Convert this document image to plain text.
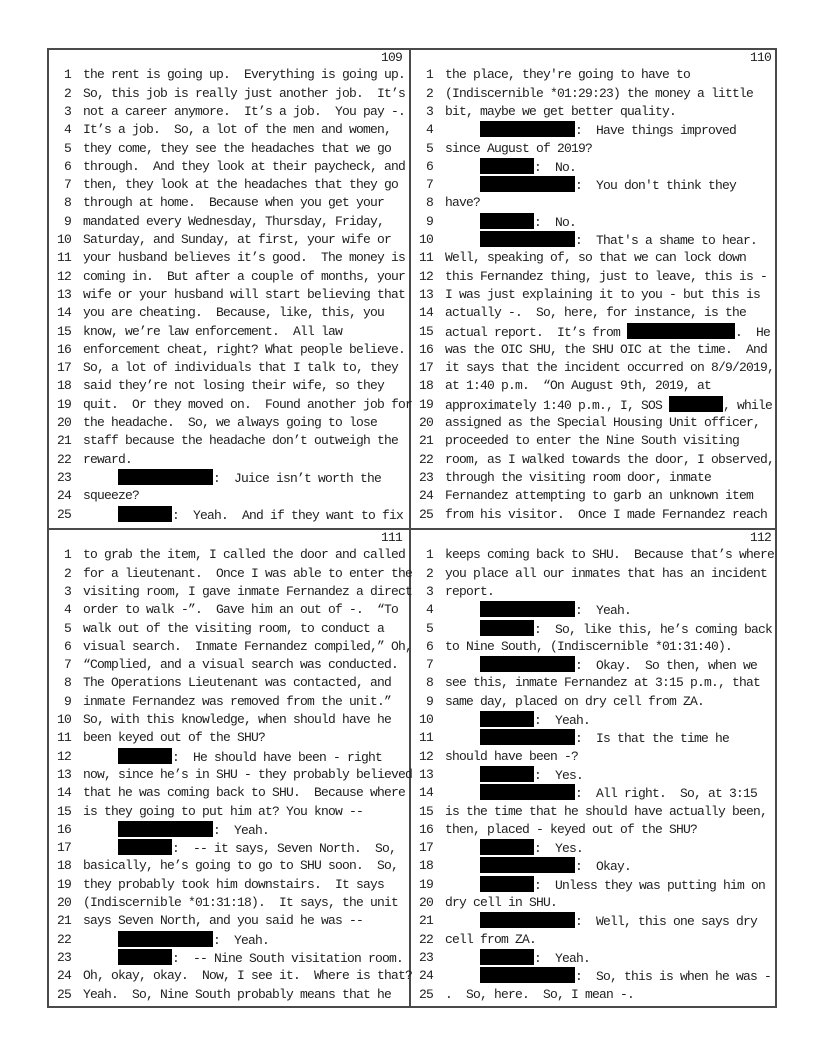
109
1 the rent is going up.  Everything is going up.
2 So, this job is really just another job.  It’s
3 not a career anymore.  It’s a job.  You pay -.
4 It’s a job.  So, a lot of the men and women,
5 they come, they see the headaches that we go
6 through.  And they look at their paycheck, and
7 then, they look at the headaches that they go
8 through at home.  Because when you get your
9 mandated every Wednesday, Thursday, Friday,
10 Saturday, and Sunday, at first, your wife or
11 your husband believes it’s good.  The money is
12 coming in.  But after a couple of months, your
13 wife or your husband will start believing that
14 you are cheating.  Because, like, this, you
15 know, we’re law enforcement.  All law
16 enforcement cheat, right? What people believe.
17 So, a lot of individuals that I talk to, they
18 said they’re not losing their wife, so they
19 quit.  Or they moved on.  Found another job for
20 the headache.  So, we always going to lose
21 staff because the headache don’t outweigh the
22 reward.
23	:  Juice isn’t worth the
24 squeeze?
25	:  Yeah.  And if they want to fix
110
1 the place, they're going to have to
2 (Indiscernible *01:29:23) the money a little
3 bit, maybe we get better quality.
4	:  Have things improved
5 since August of 2019?
6	:  No.
7	:  You don't think they
8 have?
9	:  No.
10	:  That's a shame to hear.
11 Well, speaking of, so that we can lock down
12 this Fernandez thing, just to leave, this is -
13 I was just explaining it to you - but this is
14 actually -.  So, here, for instance, is the
15 actual report.  It’s from	.  He
16 was the OIC SHU, the SHU OIC at the time.  And
17 it says that the incident occurred on 8/9/2019,
18 at 1:40 p.m.  “On August 9th, 2019, at
19 approximately 1:40 p.m., I, SOS	, while
20 assigned as the Special Housing Unit officer,
21 proceeded to enter the Nine South visiting
22 room, as I walked towards the door, I observed,
23 through the visiting room door, inmate
24 Fernandez attempting to garb an unknown item
25 from his visitor.  Once I made Fernandez reach
111
1 to grab the item, I called the door and called
2 for a lieutenant.  Once I was able to enter the
3 visiting room, I gave inmate Fernandez a direct
4 order to walk -”.  Gave him an out of -.  “To
5 walk out of the visiting room, to conduct a
6 visual search.  Inmate Fernandez compiled,” Oh,
7 “Complied, and a visual search was conducted.
8 The Operations Lieutenant was contacted, and
9 inmate Fernandez was removed from the unit.”
10 So, with this knowledge, when should have he
11 been keyed out of the SHU?
12	:  He should have been - right
13 now, since he’s in SHU - they probably believed
14 that he was coming back to SHU.  Because where
15 is they going to put him at? You know --
16	:  Yeah.
17	:  -- it says, Seven North.  So,
18 basically, he’s going to go to SHU soon.  So,
19 they probably took him downstairs.  It says
20 (Indiscernible *01:31:18).  It says, the unit
21 says Seven North, and you said he was --
22	:  Yeah.
23	:  -- Nine South visitation room.
24 Oh, okay, okay.  Now, I see it.  Where is that?
25 Yeah.  So, Nine South probably means that he
112
1 keeps coming back to SHU.  Because that’s where
2 you place all our inmates that has an incident
3 report.
4	:  Yeah.
5	:  So, like this, he’s coming back
6 to Nine South, (Indiscernible *01:31:40).
7	:  Okay.  So then, when we
8 see this, inmate Fernandez at 3:15 p.m., that
9 same day, placed on dry cell from ZA.
10	:  Yeah.
11	:  Is that the time he
12 should have been -?
13	:  Yes.
14	:  All right.  So, at 3:15
15 is the time that he should have actually been,
16 then, placed - keyed out of the SHU?
17	:  Yes.
18	:  Okay.
19	:  Unless they was putting him on
20 dry cell in SHU.
21	:  Well, this one says dry
22 cell from ZA.
23	:  Yeah.
24	:  So, this is when he was -
25 .  So, here.  So, I mean -.
